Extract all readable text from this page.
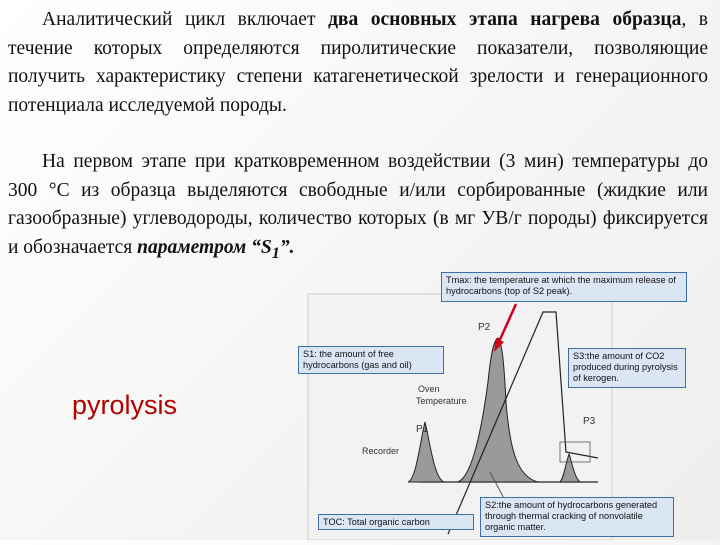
Аналитический цикл включает два основных этапа нагрева образца, в течение которых определяются пиролитические показатели, позволяющие получить характеристику степени катагенетической зрелости и генерационного потенциала исследуемой породы.
На первом этапе при кратковременном воздействии (3 мин) температуры до 300 °С из образца выделяются свободные и/или сорбированные (жидкие или газообразные) углеводороды, количество которых (в мг УВ/г породы) фиксируется и обозначается параметром “$S_1$”.
pyrolysis
P1
P2
P3
Oven
Temperature
Recorder
Tmax: the temperature at which the maximum release of hydrocarbons (top of S2 peak).
S1: the amount of free hydrocarbons (gas and oil)
S3:the amount of CO2 produced during pyrolysis of kerogen.
S2:the amount of hydrocarbons generated through thermal cracking of nonvolatile organic matter.
TOC: Total organic carbon
